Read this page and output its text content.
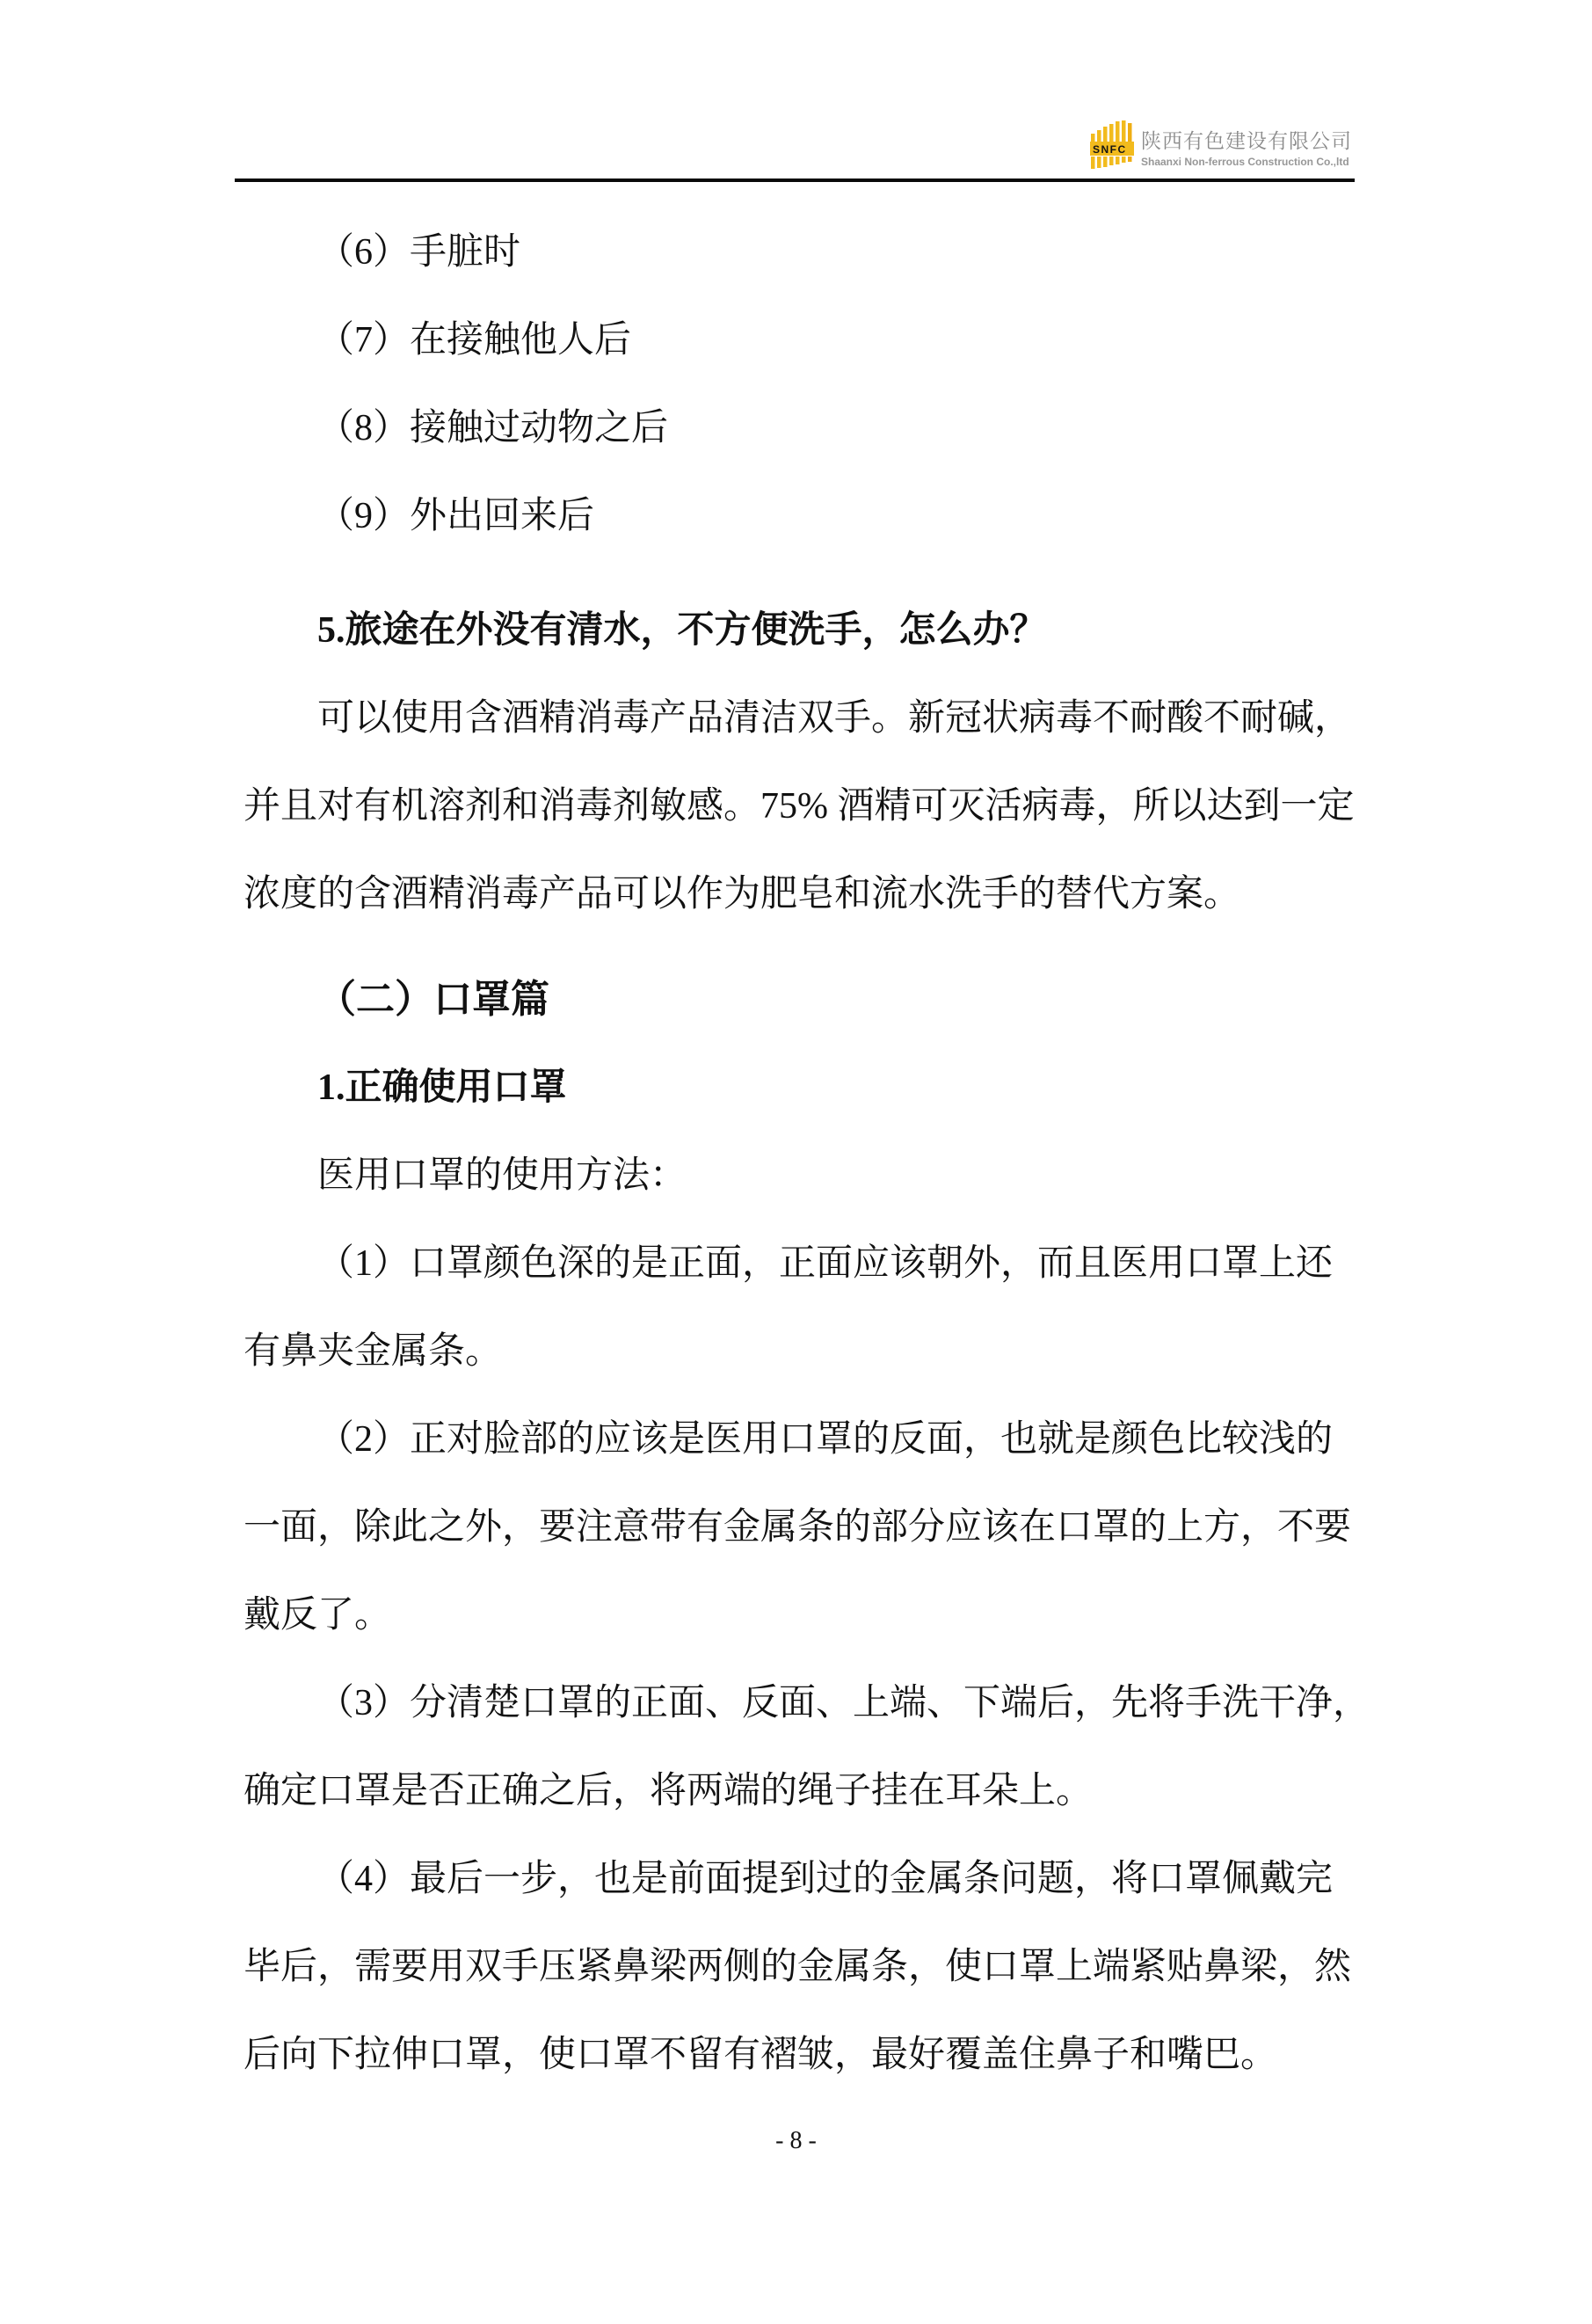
SNFC 陕西有色建设有限公司
Shaanxi Non-ferrous Construction Co.,ltd
（6）手脏时
（7）在接触他人后
（8）接触过动物之后
（9）外出回来后
5.旅途在外没有清水，不方便洗手，怎么办？
可以使用含酒精消毒产品清洁双手。新冠状病毒不耐酸不耐碱，
并且对有机溶剂和消毒剂敏感。75% 酒精可灭活病毒，所以达到一定
浓度的含酒精消毒产品可以作为肥皂和流水洗手的替代方案。
（二）口罩篇
1.正确使用口罩
医用口罩的使用方法：
（1）口罩颜色深的是正面，正面应该朝外，而且医用口罩上还
有鼻夹金属条。
（2）正对脸部的应该是医用口罩的反面，也就是颜色比较浅的
一面，除此之外，要注意带有金属条的部分应该在口罩的上方，不要
戴反了。
（3）分清楚口罩的正面、反面、上端、下端后，先将手洗干净，
确定口罩是否正确之后，将两端的绳子挂在耳朵上。
（4）最后一步，也是前面提到过的金属条问题，将口罩佩戴完
毕后，需要用双手压紧鼻梁两侧的金属条，使口罩上端紧贴鼻梁，然
后向下拉伸口罩，使口罩不留有褶皱，最好覆盖住鼻子和嘴巴。
- 8 -
